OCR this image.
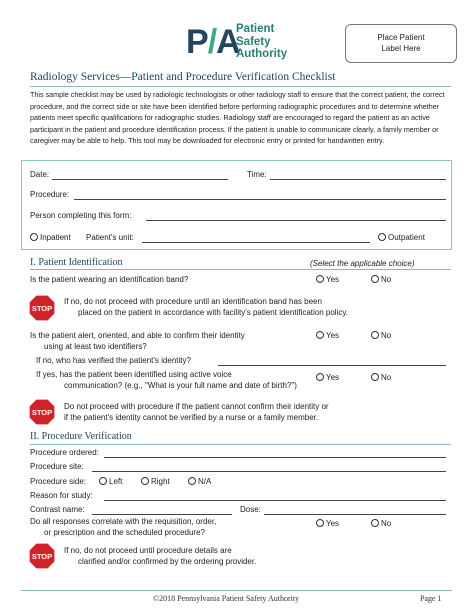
P/A
Patient
Safety
Authority
Place Patient
Label Here
Radiology Services—Patient and Procedure Verification Checklist
This sample checklist may be used by radiologic technologists or other radiology staff to ensure that the correct patient, the correct procedure, and the correct side or site have been identified before performing radiographic procedures and to determine whether patients meet specific qualifications for radiographic studies. Radiology staff are encouraged to regard the patient as an active participant in the patient and procedure identification process. If the patient is unable to communicate clearly, a family member or caregiver may be able to help. This tool may be downloaded for electronic entry or printed for handwritten entry.
Date:	Time:
Procedure:
Person completing this form:
Inpatient Patient's unit:	Outpatient
I. Patient Identification	(Select the applicable choice)
Is the patient wearing an identification band?	Yes	No
STOP
If no, do not proceed with procedure until an identification band has been
placed on the patient in accordance with facility's patient identification policy.
Is the patient alert, oriented, and able to confirm their identity
using at least two identifiers?
Yes	No
If no, who has verified the patient's identity?
If yes, has the patient been identified using active voice
communication? (e.g., "What is your full name and date of birth?")
Yes	No
STOP
Do not proceed with procedure if the patient cannot confirm their identity or
if the patient's identity cannot be verified by a nurse or a family member.
II. Procedure Verification
Procedure ordered:
Procedure site:
Procedure side:	Left	Right	N/A
Reason for study:
Contrast name:	Dose:
Do all responses correlate with the requisition, order,
or prescription and the scheduled procedure?
Yes	No
STOP
If no, do not proceed until procedure details are
clarified and/or confirmed by the ordering provider.
©2018 Pennsylvania Patient Safety Authority	Page 1
